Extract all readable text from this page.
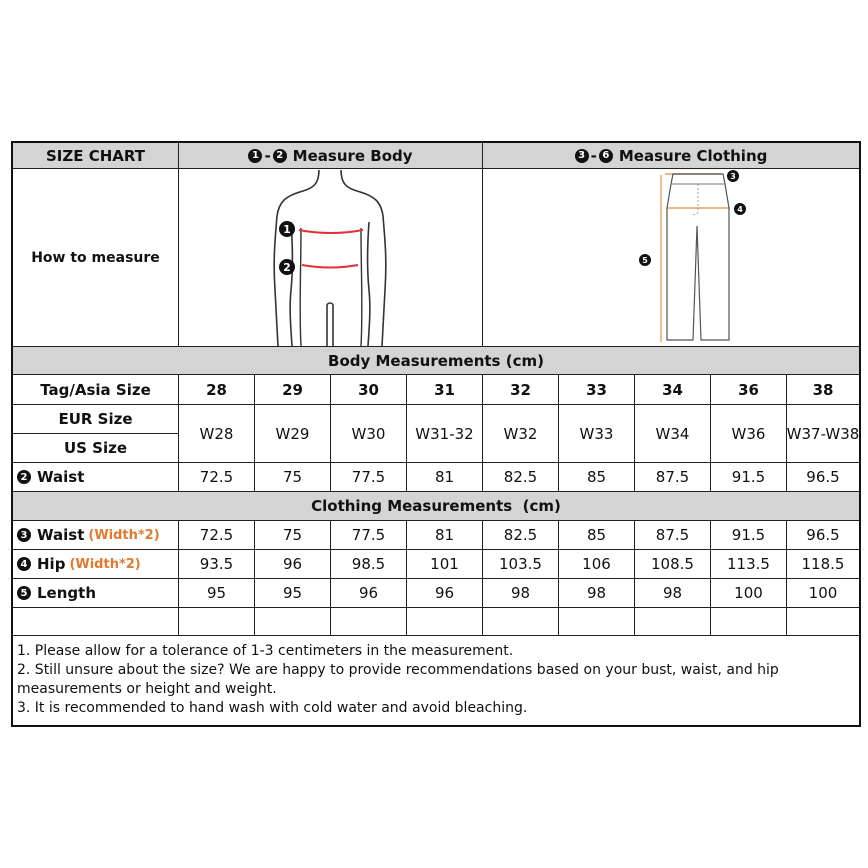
SIZE CHART	1 - 2 Measure Body	3 - 6 Measure Clothing
How to measure
1
2
3
4
5
Body Measurements (cm)
Tag/Asia Size	28	29	30	31	32	33	34	36	38
EUR Size
US Size
W28	W29	W30 W31-32 W32	W33	W34	W36 W37-W38
2 Waist	72.5	75	77.5	81	82.5	85	87.5	91.5	96.5
Clothing Measurements  (cm)
3 Waist (Width*2)	72.5	75	77.5	81	82.5	85	87.5	91.5	96.5
4 Hip (Width*2)	93.5	96	98.5	101	103.5	106	108.5 113.5 118.5
5 Length	95	95	96	96	98	98	98	100	100

1. Please allow for a tolerance of 1-3 centimeters in the measurement.

2. Still unsure about the size? We are happy to provide recommendations based on your bust, waist, and hip measurements or height and weight.

3. It is recommended to hand wash with cold water and avoid bleaching.
